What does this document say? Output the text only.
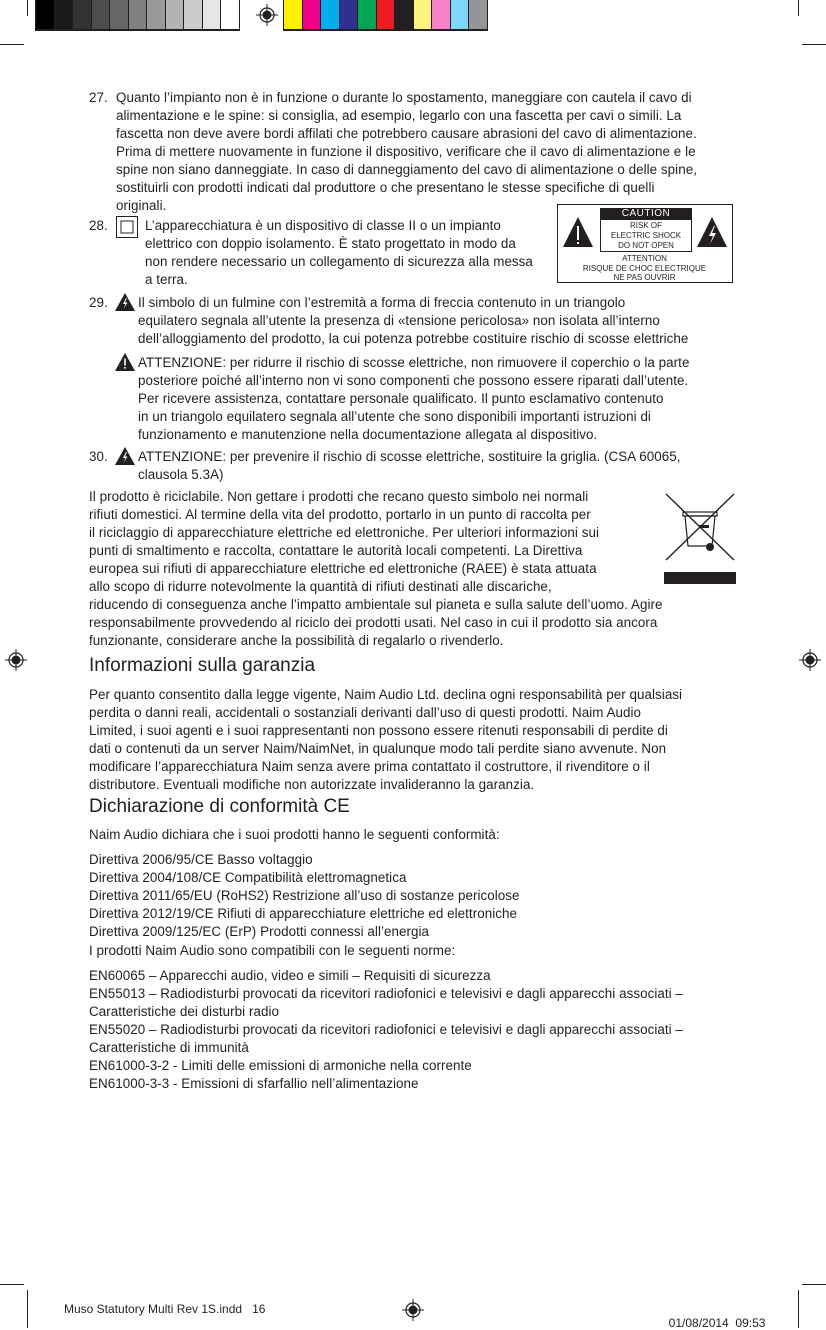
27. Quanto l’impianto non è in funzione o durante lo spostamento, maneggiare con cautela il cavo di
alimentazione e le spine: si consiglia, ad esempio, legarlo con una fascetta per cavi o simili. La
fascetta non deve avere bordi affilati che potrebbero causare abrasioni del cavo di alimentazione.
Prima di mettere nuovamente in funzione il dispositivo, verificare che il cavo di alimentazione e le
spine non siano danneggiate. In caso di danneggiamento del cavo di alimentazione o delle spine,
sostituirli con prodotti indicati dal produttore o che presentano le stesse specifiche di quelli
originali.
28.	L’apparecchiatura è un dispositivo di classe II o un impianto
elettrico con doppio isolamento. È stato progettato in modo da
non rendere necessario un collegamento di sicurezza alla messa
a terra.
CAUTION
RISK OF
ELECTRIC SHOCK
DO NOT OPEN
ATTENTION
RISQUE DE CHOC ELECTRIQUE
NE PAS OUVRIR
29. Il simbolo di un fulmine con l’estremità a forma di freccia contenuto in un triangolo
equilatero segnala all’utente la presenza di «tensione pericolosa» non isolata all’interno
dell’alloggiamento del prodotto, la cui potenza potrebbe costituire rischio di scosse elettriche
ATTENZIONE: per ridurre il rischio di scosse elettriche, non rimuovere il coperchio o la parte
posteriore poiché all’interno non vi sono componenti che possono essere riparati dall’utente.
Per ricevere assistenza, contattare personale qualificato. Il punto esclamativo contenuto
in un triangolo equilatero segnala all’utente che sono disponibili importanti istruzioni di
funzionamento e manutenzione nella documentazione allegata al dispositivo.
30. ATTENZIONE: per prevenire il rischio di scosse elettriche, sostituire la griglia. (CSA 60065,
clausola 5.3A)
Il prodotto è riciclabile. Non gettare i prodotti che recano questo simbolo nei normali
rifiuti domestici. Al termine della vita del prodotto, portarlo in un punto di raccolta per
il riciclaggio di apparecchiature elettriche ed elettroniche. Per ulteriori informazioni sui
punti di smaltimento e raccolta, contattare le autorità locali competenti. La Direttiva
europea sui rifiuti di apparecchiature elettriche ed elettroniche (RAEE) è stata attuata
allo scopo di ridurre notevolmente la quantità di rifiuti destinati alle discariche,
riducendo di conseguenza anche l’impatto ambientale sul pianeta e sulla salute dell’uomo. Agire
responsabilmente provvedendo al riciclo dei prodotti usati. Nel caso in cui il prodotto sia ancora
funzionante, considerare anche la possibilità di regalarlo o rivenderlo.
Informazioni sulla garanzia
Per quanto consentito dalla legge vigente, Naim Audio Ltd. declina ogni responsabilità per qualsiasi
perdita o danni reali, accidentali o sostanziali derivanti dall’uso di questi prodotti. Naim Audio
Limited, i suoi agenti e i suoi rappresentanti non possono essere ritenuti responsabili di perdite di
dati o contenuti da un server Naim/NaimNet, in qualunque modo tali perdite siano avvenute. Non
modificare l’apparecchiatura Naim senza avere prima contattato il costruttore, il rivenditore o il
distributore. Eventuali modifiche non autorizzate invalideranno la garanzia.
Dichiarazione di conformità CE
Naim Audio dichiara che i suoi prodotti hanno le seguenti conformità:
Direttiva 2006/95/CE Basso voltaggio
Direttiva 2004/108/CE Compatibilità elettromagnetica
Direttiva 2011/65/EU (RoHS2) Restrizione all’uso di sostanze pericolose
Direttiva 2012/19/CE Rifiuti di apparecchiature elettriche ed elettroniche
Direttiva 2009/125/EC (ErP) Prodotti connessi all’energia
I prodotti Naim Audio sono compatibili con le seguenti norme:
EN60065 – Apparecchi audio, video e simili – Requisiti di sicurezza
EN55013 – Radiodisturbi provocati da ricevitori radiofonici e televisivi e dagli apparecchi associati –
Caratteristiche dei disturbi radio
EN55020 – Radiodisturbi provocati da ricevitori radiofonici e televisivi e dagli apparecchi associati –
Caratteristiche di immunità
EN61000-3-2 - Limiti delle emissioni di armoniche nella corrente
EN61000-3-3 - Emissioni di sfarfallio nell’alimentazione
Muso Statutory Multi Rev 1S.indd   16

01/08/2014 09:53
